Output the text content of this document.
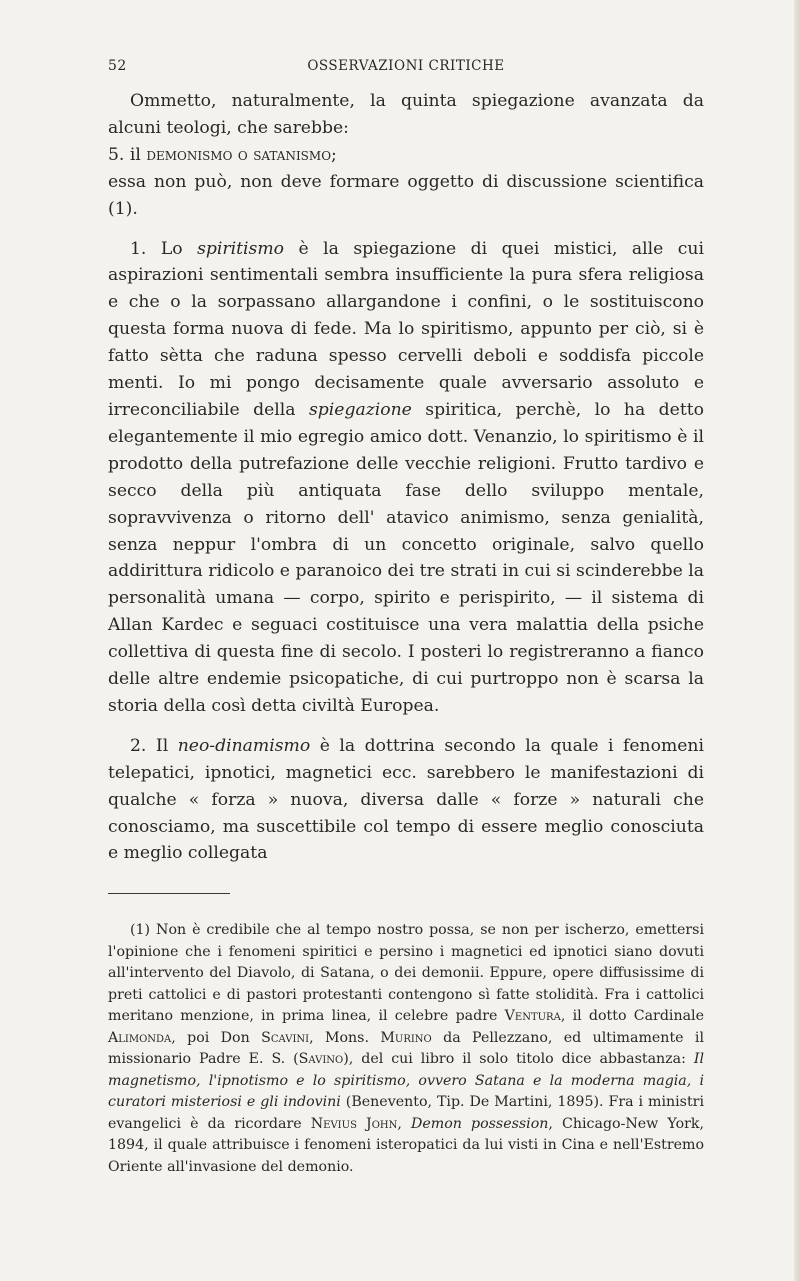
52	OSSERVAZIONI CRITICHE

Ommetto, naturalmente, la quinta spiegazione avanzata da alcuni teologi, che sarebbe:

5. il demonismo o satanismo;

essa non può, non deve formare oggetto di discussione scientifica (1).

1. Lo spiritismo è la spiegazione di quei mistici, alle cui aspirazioni sentimentali sembra insufficiente la pura sfera religiosa e che o la sorpassano allargandone i confini, o le sostituiscono questa forma nuova di fede. Ma lo spiritismo, appunto per ciò, si è fatto sètta che raduna spesso cervelli deboli e soddisfa piccole menti. Io mi pongo decisamente quale avversario assoluto e irreconciliabile della spiegazione spiritica, perchè, lo ha detto elegantemente il mio egregio amico dott. Venanzio, lo spiritismo è il prodotto della putrefazione delle vecchie religioni. Frutto tardivo e secco della più antiquata fase dello sviluppo mentale, sopravvivenza o ritorno dell' atavico animismo, senza genialità, senza neppur l'ombra di un concetto originale, salvo quello addirittura ridicolo e paranoico dei tre strati in cui si scinderebbe la personalità umana — corpo, spirito e perispirito, — il sistema di Allan Kardec e seguaci costituisce una vera malattia della psiche collettiva di questa fine di secolo. I posteri lo registreranno a fianco delle altre endemie psicopatiche, di cui purtroppo non è scarsa la storia della così detta civiltà Europea.

2. Il neo-dinamismo è la dottrina secondo la quale i fenomeni telepatici, ipnotici, magnetici ecc. sarebbero le manifestazioni di qualche « forza » nuova, diversa dalle « forze » naturali che conosciamo, ma suscettibile col tempo di essere meglio conosciuta e meglio collegata

(1) Non è credibile che al tempo nostro possa, se non per ischerzo, emettersi l'opinione che i fenomeni spiritici e persino i magnetici ed ipnotici siano dovuti all'intervento del Diavolo, di Satana, o dei demonii. Eppure, opere diffusissime di preti cattolici e di pastori protestanti contengono sì fatte stolidità. Fra i cattolici meritano menzione, in prima linea, il celebre padre Ventura, il dotto Cardinale Alimonda, poi Don Scavini, Mons. Murino da Pellezzano, ed ultimamente il missionario Padre E. S. (Savino), del cui libro il solo titolo dice abbastanza: Il magnetismo, l'ipnotismo e lo spiritismo, ovvero Satana e la moderna magia, i curatori misteriosi e gli indovini (Benevento, Tip. De Martini, 1895). Fra i ministri evangelici è da ricordare Nevius John, Demon possession, Chicago-New York, 1894, il quale attribuisce i fenomeni isteropatici da lui visti in Cina e nell'Estremo Oriente all'invasione del demonio.
